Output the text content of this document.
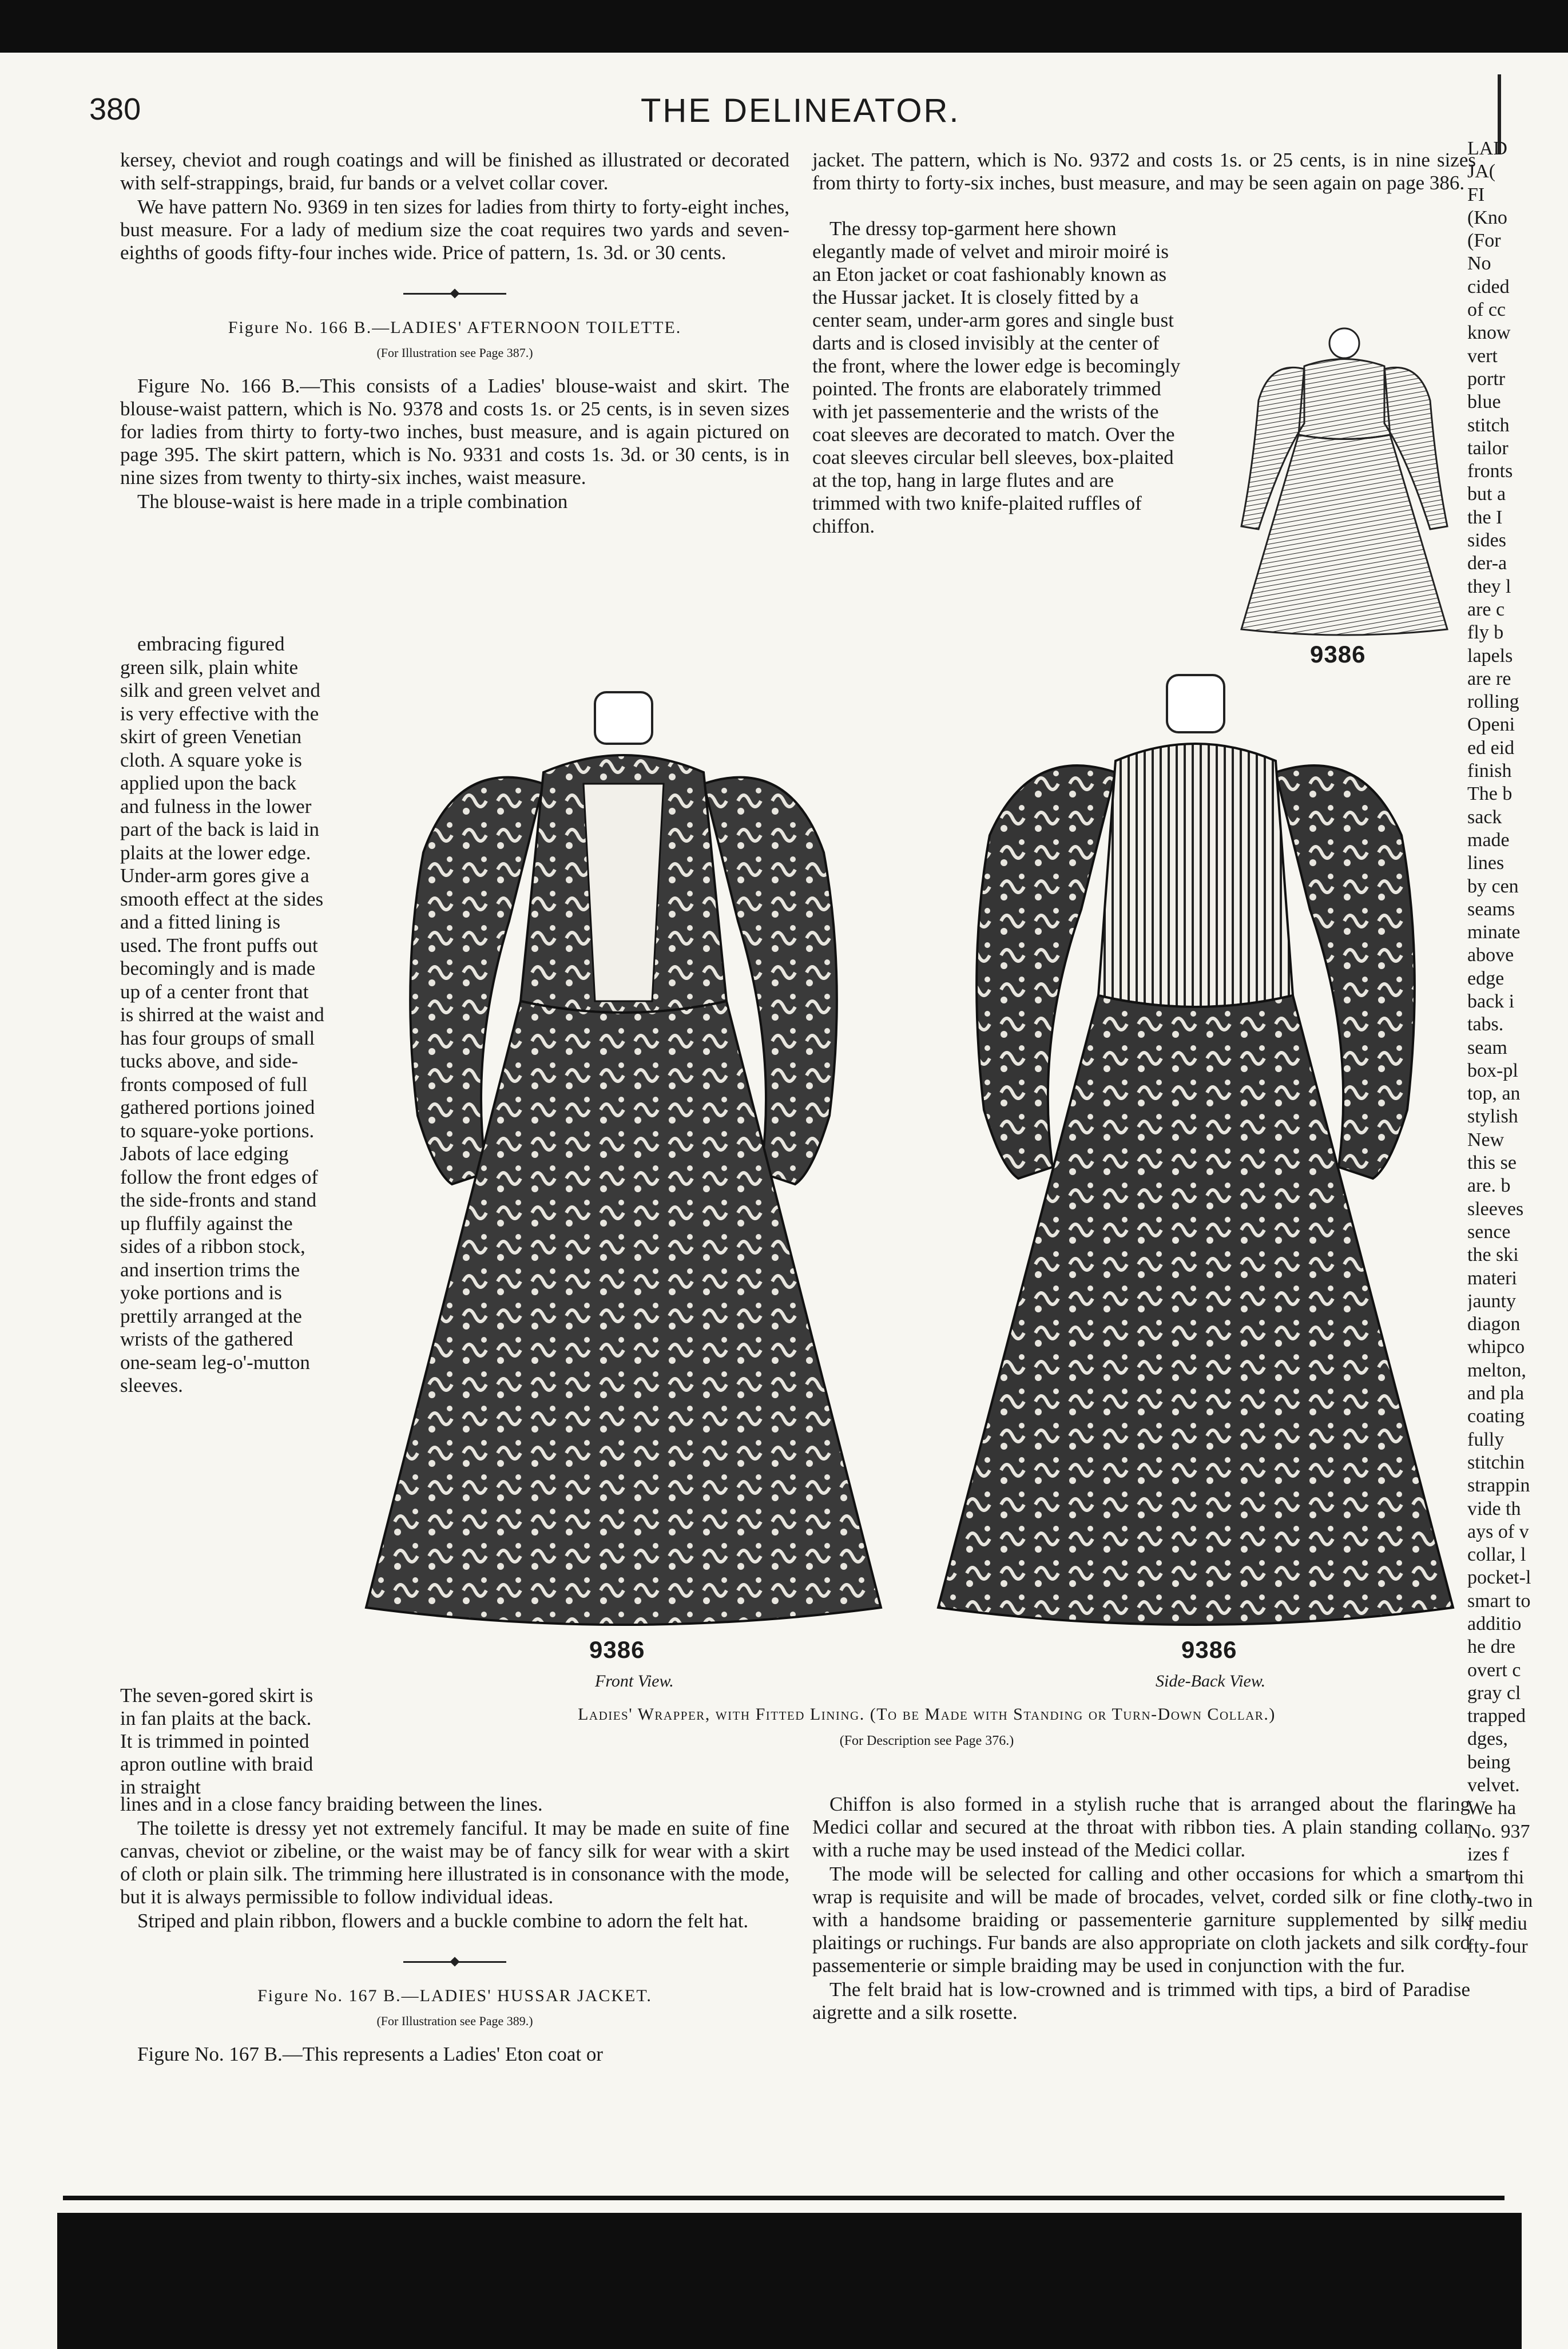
380	THE DELINEATOR.

kersey, cheviot and rough coatings and will be finished as illustrated or decorated with self-strappings, braid, fur bands or a velvet collar cover.

We have pattern No. 9369 in ten sizes for ladies from thirty to forty-eight inches, bust measure. For a lady of medium size the coat requires two yards and seven-eighths of goods fifty-four inches wide. Price of pattern, 1s. 3d. or 30 cents.

Figure No. 166 B.—LADIES' AFTERNOON TOILETTE.

(For Illustration see Page 387.)

Figure No. 166 B.—This consists of a Ladies' blouse-waist and skirt. The blouse-waist pattern, which is No. 9378 and costs 1s. or 25 cents, is in seven sizes for ladies from thirty to forty-two inches, bust measure, and is again pictured on page 395. The skirt pattern, which is No. 9331 and costs 1s. 3d. or 30 cents, is in nine sizes from twenty to thirty-six inches, waist measure.

The blouse-waist is here made in a triple combination

embracing figured green silk, plain white silk and green velvet and is very effective with the skirt of green Venetian cloth. A square yoke is applied upon the back and fulness in the lower part of the back is laid in plaits at the lower edge. Under-arm gores give a smooth effect at the sides and a fitted lining is used. The front puffs out becomingly and is made up of a center front that is shirred at the waist and has four groups of small tucks above, and side-fronts composed of full gathered portions joined to square-yoke portions. Jabots of lace edging follow the front edges of the side-fronts and stand up fluffily against the sides of a ribbon stock, and insertion trims the yoke portions and is prettily arranged at the wrists of the gathered one-seam leg-o'-mutton sleeves.

The seven-gored skirt is in fan plaits at the back. It is trimmed in pointed apron outline with braid in straight

lines and in a close fancy braiding between the lines.

The toilette is dressy yet not extremely fanciful. It may be made en suite of fine canvas, cheviot or zibeline, or the waist may be of fancy silk for wear with a skirt of cloth or plain silk. The trimming here illustrated is in consonance with the mode, but it is always permissible to follow individual ideas.

Striped and plain ribbon, flowers and a buckle combine to adorn the felt hat.

Figure No. 167 B.—LADIES' HUSSAR JACKET.

(For Illustration see Page 389.)

Figure No. 167 B.—This represents a Ladies' Eton coat or

jacket. The pattern, which is No. 9372 and costs 1s. or 25 cents, is in nine sizes from thirty to forty-six inches, bust measure, and may be seen again on page 386.

The dressy top-garment here shown elegantly made of velvet and miroir moiré is an Eton jacket or coat fashionably known as the Hussar jacket. It is closely fitted by a center seam, under-arm gores and single bust darts and is closed invisibly at the center of the front, where the lower edge is becomingly pointed. The fronts are elaborately trimmed with jet passementerie and the wrists of the coat sleeves are decorated to match. Over the coat sleeves circular bell sleeves, box-plaited at the top, hang in large flutes and are trimmed with two knife-plaited ruffles of chiffon.

Chiffon is also formed in a stylish ruche that is arranged about the flaring Medici collar and secured at the throat with ribbon ties. A plain standing collar with a ruche may be used instead of the Medici collar.

The mode will be selected for calling and other occasions for which a smart wrap is requisite and will be made of brocades, velvet, corded silk or fine cloth with a handsome braiding or passementerie garniture supplemented by silk plaitings or ruchings. Fur bands are also appropriate on cloth jackets and silk cord passementerie or simple braiding may be used in conjunction with the fur.

The felt braid hat is low-crowned and is trimmed with tips, a bird of Paradise aigrette and a silk rosette.

9386
9386
Front View.
9386
Side-Back View.
Ladies' Wrapper, with Fitted Lining. (To be Made with Standing or Turn-Down Collar.)
(For Description see Page 376.)
LAD
JA(
FI
(Kno
(For
No
cided
of cc
know
vert
portr
blue
stitch
tailor
fronts
but a
the I
sides
der-a
they l
are c
fly b
lapels
are re
rolling
Openi
ed eid
finish
The b
sack
made
lines
by cen
seams
minate
above
edge
back i
tabs.
seam
box-pl
top, an
stylish
New
this se
are. b
sleeves
sence
the ski
materi
jaunty
diagon
whipco
melton,
and pla
coating
fully
stitchin
strappin
vide th
ays of v
collar, l
pocket-l
smart to
additio
he dre
overt c
gray cl
trapped
dges,
being
velvet.
We ha
No. 937
izes f
rom thi
y-two in
f mediu
fty-four
